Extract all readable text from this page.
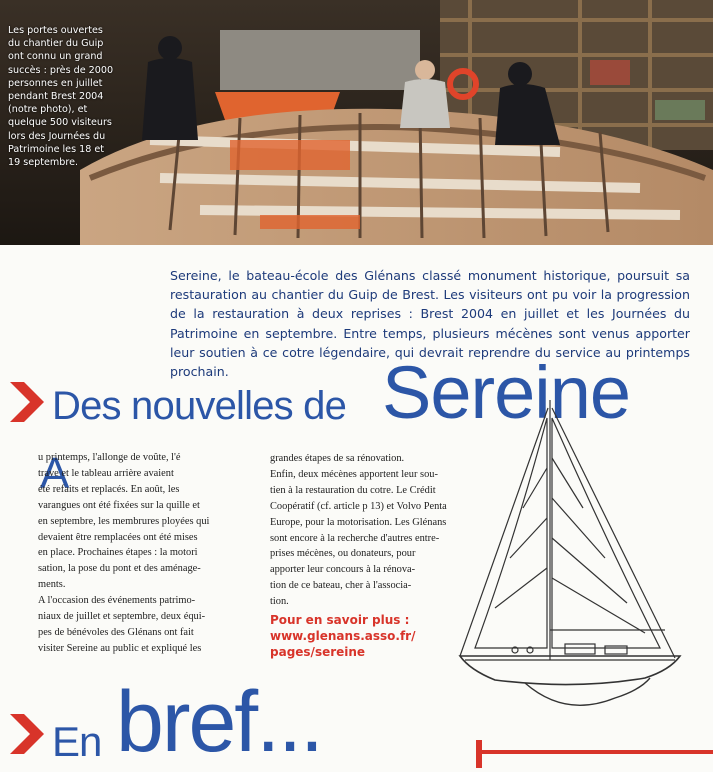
Les portes ouvertes
du chantier du Guip
ont connu un grand
succès : près de 2000
personnes en juillet
pendant Brest 2004
(notre photo), et
quelque 500 visiteurs
lors des Journées du
Patrimoine les 18 et
19 septembre.
Sereine, le bateau-école des Glénans classé monument historique, poursuit sa restauration au chantier du Guip de Brest. Les visiteurs ont pu voir la progression de la restauration à deux reprises : Brest 2004 en juillet et les Journées du Patrimoine en septembre. Entre temps, plusieurs mécènes sont venus apporter leur soutien à ce cotre légendaire, qui devrait reprendre du service au printemps prochain.
Des nouvelles de Sereine
A
u printemps, l'allonge de voûte, l'é
trave et le tableau arrière avaient
été refaits et replacés. En août, les
varangues ont été fixées sur la quille et
en septembre, les membrures ployées qui
devaient être remplacées ont été mises
en place. Prochaines étapes : la motori
sation, la pose du pont et des aménage-
ments.
A l'occasion des événements patrimo-
niaux de juillet et septembre, deux équi-
pes de bénévoles des Glénans ont fait
visiter Sereine au public et expliqué les
grandes étapes de sa rénovation.
Enfin, deux mécènes apportent leur sou-
tien à la restauration du cotre. Le Crédit
Coopératif (cf. article p 13) et Volvo Penta
Europe, pour la motorisation. Les Glénans
sont encore à la recherche d'autres entre-
prises mécènes, ou donateurs, pour
apporter leur concours à la rénova-
tion de ce bateau, cher à l'associa-
tion.
Pour en savoir plus :
www.glenans.asso.fr/
pages/sereine
En bref...
